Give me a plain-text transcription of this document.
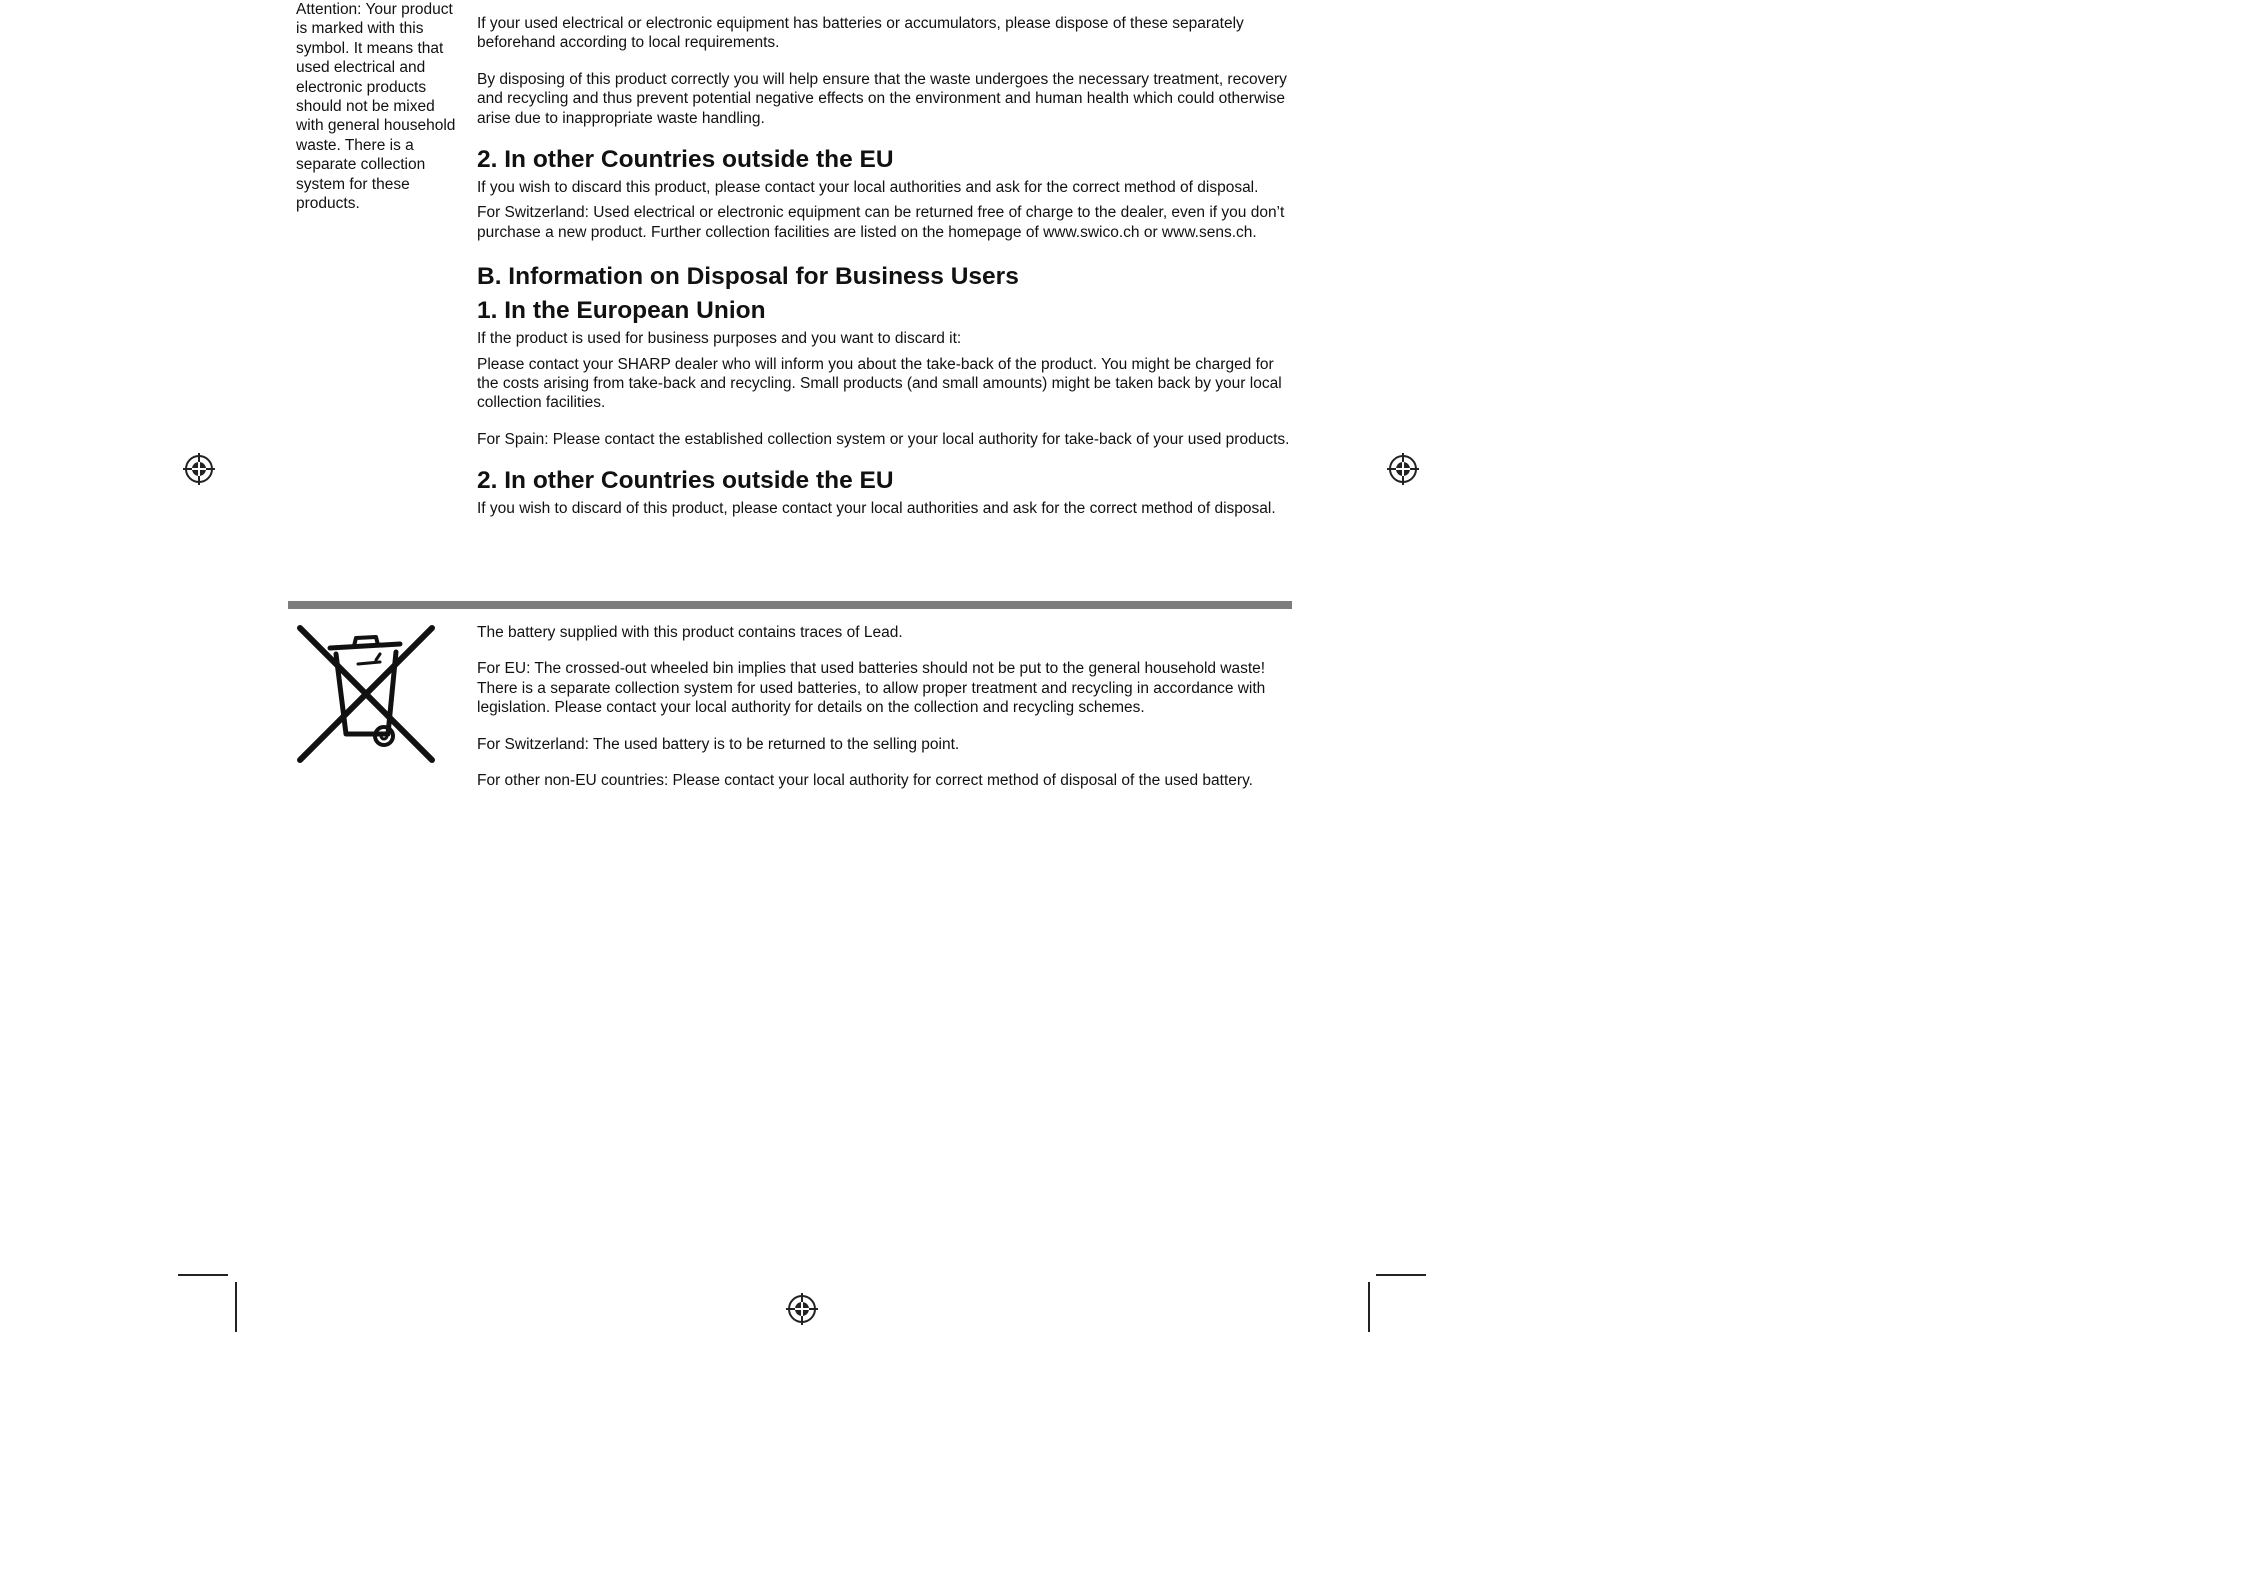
Attention: Your product is marked with this symbol. It means that used electrical and electronic products should not be mixed with general household waste. There is a separate collection system for these products.

If your used electrical or electronic equipment has batteries or accumulators, please dispose of these separately beforehand according to local requirements.

By disposing of this product correctly you will help ensure that the waste undergoes the necessary treatment, recovery and recycling and thus prevent potential negative effects on the environment and human health which could otherwise arise due to inappropriate waste handling.

2. In other Countries outside the EU

If you wish to discard this product, please contact your local authorities and ask for the correct method of disposal.

For Switzerland: Used electrical or electronic equipment can be returned free of charge to the dealer, even if you don’t purchase a new product. Further collection facilities are listed on the homepage of www.swico.ch or www.sens.ch.

B. Information on Disposal for Business Users
1. In the European Union

If the product is used for business purposes and you want to discard it:

Please contact your SHARP dealer who will inform you about the take-back of the product. You might be charged for the costs arising from take-back and recycling. Small products (and small amounts) might be taken back by your local collection facilities.

For Spain: Please contact the established collection system or your local authority for take-back of your used products.

2. In other Countries outside the EU

If you wish to discard of this product, please contact your local authorities and ask for the correct method of disposal.

The battery supplied with this product contains traces of Lead.

For EU: The crossed-out wheeled bin implies that used batteries should not be put to the general household waste! There is a separate collection system for used batteries, to allow proper treatment and recycling in accordance with legislation. Please contact your local authority for details on the collection and recycling schemes.

For Switzerland: The used battery is to be returned to the selling point.

For other non-EU countries: Please contact your local authority for correct method of disposal of the used battery.
